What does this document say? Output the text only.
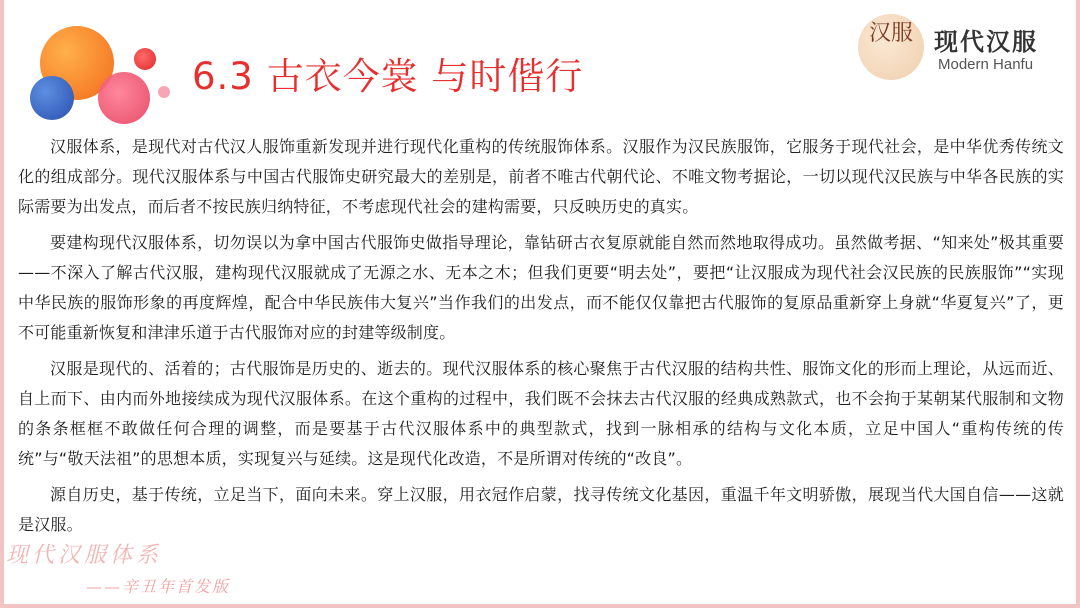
6.3 古衣今裳 与时偕行
汉服 现代汉服
Modern Hanfu

汉服体系，是现代对古代汉人服饰重新发现并进行现代化重构的传统服饰体系。汉服作为汉民族服饰，它服务于现代社会，是中华优秀传统文化的组成部分。现代汉服体系与中国古代服饰史研究最大的差别是，前者不唯古代朝代论、不唯文物考据论，一切以现代汉民族与中华各民族的实际需要为出发点，而后者不按民族归纳特征，不考虑现代社会的建构需要，只反映历史的真实。

要建构现代汉服体系，切勿误以为拿中国古代服饰史做指导理论，靠钻研古衣复原就能自然而然地取得成功。虽然做考据、“知来处”极其重要——不深入了解古代汉服，建构现代汉服就成了无源之水、无本之木；但我们更要“明去处”，要把“让汉服成为现代社会汉民族的民族服饰”“实现中华民族的服饰形象的再度辉煌，配合中华民族伟大复兴”当作我们的出发点，而不能仅仅靠把古代服饰的复原品重新穿上身就“华夏复兴”了，更不可能重新恢复和津津乐道于古代服饰对应的封建等级制度。

汉服是现代的、活着的；古代服饰是历史的、逝去的。现代汉服体系的核心聚焦于古代汉服的结构共性、服饰文化的形而上理论，从远而近、自上而下、由内而外地接续成为现代汉服体系。在这个重构的过程中，我们既不会抹去古代汉服的经典成熟款式，也不会拘于某朝某代服制和文物的条条框框不敢做任何合理的调整，而是要基于古代汉服体系中的典型款式，找到一脉相承的结构与文化本质，立足中国人“重构传统的传统”与“敬天法祖”的思想本质，实现复兴与延续。这是现代化改造，不是所谓对传统的“改良”。

源自历史，基于传统，立足当下，面向未来。穿上汉服，用衣冠作启蒙，找寻传统文化基因，重温千年文明骄傲，展现当代大国自信——这就是汉服。

现代汉服体系
——辛丑年首发版
